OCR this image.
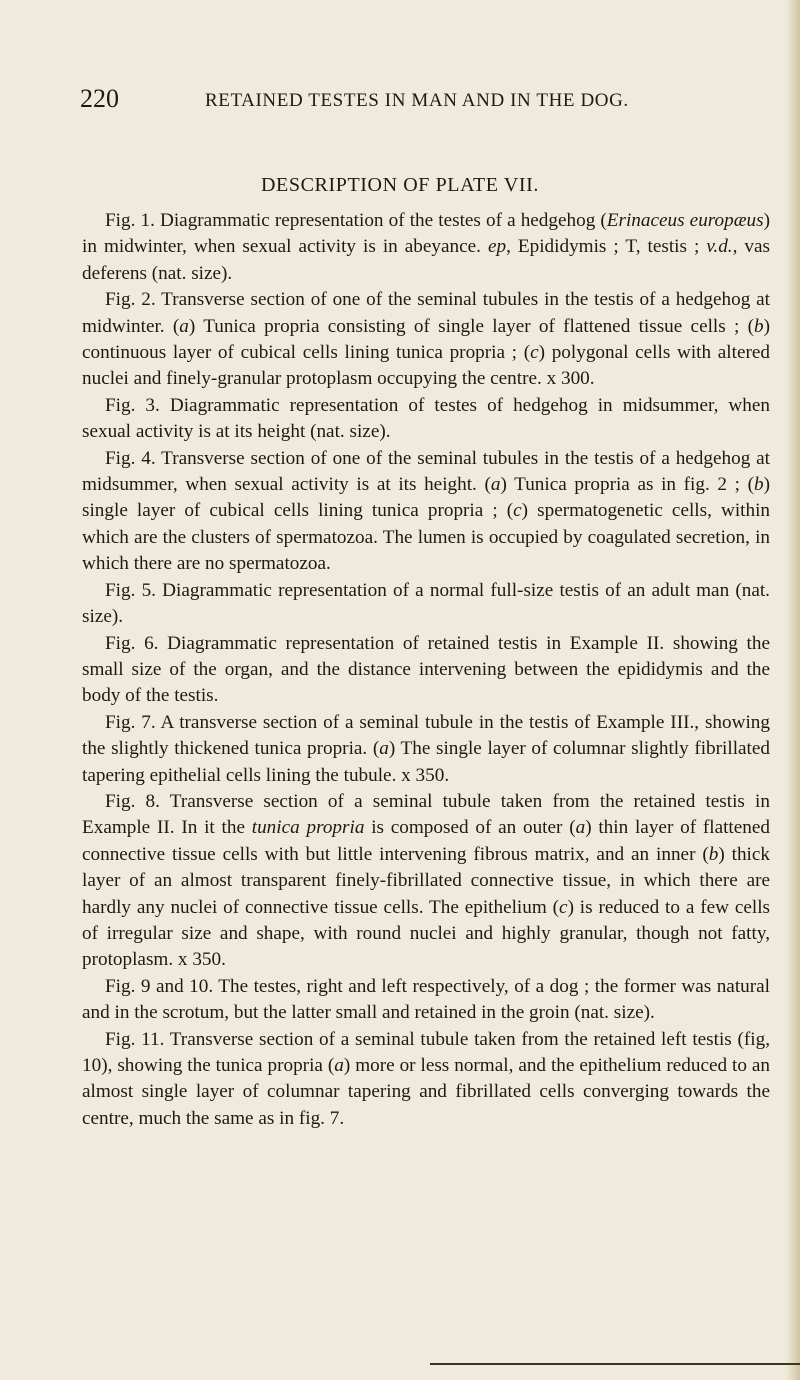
220	RETAINED TESTES IN MAN AND IN THE DOG.
DESCRIPTION OF PLATE VII.

Fig. 1. Diagrammatic representation of the testes of a hedgehog (Erinaceus europæus) in midwinter, when sexual activity is in abeyance. ep, Epididymis ; T, testis ; v.d., vas deferens (nat. size).

Fig. 2. Transverse section of one of the seminal tubules in the testis of a hedgehog at midwinter. (a) Tunica propria consisting of single layer of flattened tissue cells ; (b) continuous layer of cubical cells lining tunica propria ; (c) polygonal cells with altered nuclei and finely-granular protoplasm occupying the centre. x 300.

Fig. 3. Diagrammatic representation of testes of hedgehog in midsummer, when sexual activity is at its height (nat. size).

Fig. 4. Transverse section of one of the seminal tubules in the testis of a hedgehog at midsummer, when sexual activity is at its height. (a) Tunica propria as in fig. 2 ; (b) single layer of cubical cells lining tunica propria ; (c) spermatogenetic cells, within which are the clusters of spermatozoa. The lumen is occupied by coagulated secretion, in which there are no spermatozoa.

Fig. 5. Diagrammatic representation of a normal full-size testis of an adult man (nat. size).

Fig. 6. Diagrammatic representation of retained testis in Example II. showing the small size of the organ, and the distance intervening between the epididymis and the body of the testis.

Fig. 7. A transverse section of a seminal tubule in the testis of Example III., showing the slightly thickened tunica propria. (a) The single layer of columnar slightly fibrillated tapering epithelial cells lining the tubule. x 350.

Fig. 8. Transverse section of a seminal tubule taken from the retained testis in Example II. In it the tunica propria is composed of an outer (a) thin layer of flattened connective tissue cells with but little intervening fibrous matrix, and an inner (b) thick layer of an almost transparent finely-fibrillated connective tissue, in which there are hardly any nuclei of connective tissue cells. The epithelium (c) is reduced to a few cells of irregular size and shape, with round nuclei and highly granular, though not fatty, protoplasm. x 350.

Fig. 9 and 10. The testes, right and left respectively, of a dog ; the former was natural and in the scrotum, but the latter small and retained in the groin (nat. size).

Fig. 11. Transverse section of a seminal tubule taken from the retained left testis (fig, 10), showing the tunica propria (a) more or less normal, and the epithelium reduced to an almost single layer of columnar tapering and fibrillated cells converging towards the centre, much the same as in fig. 7.
